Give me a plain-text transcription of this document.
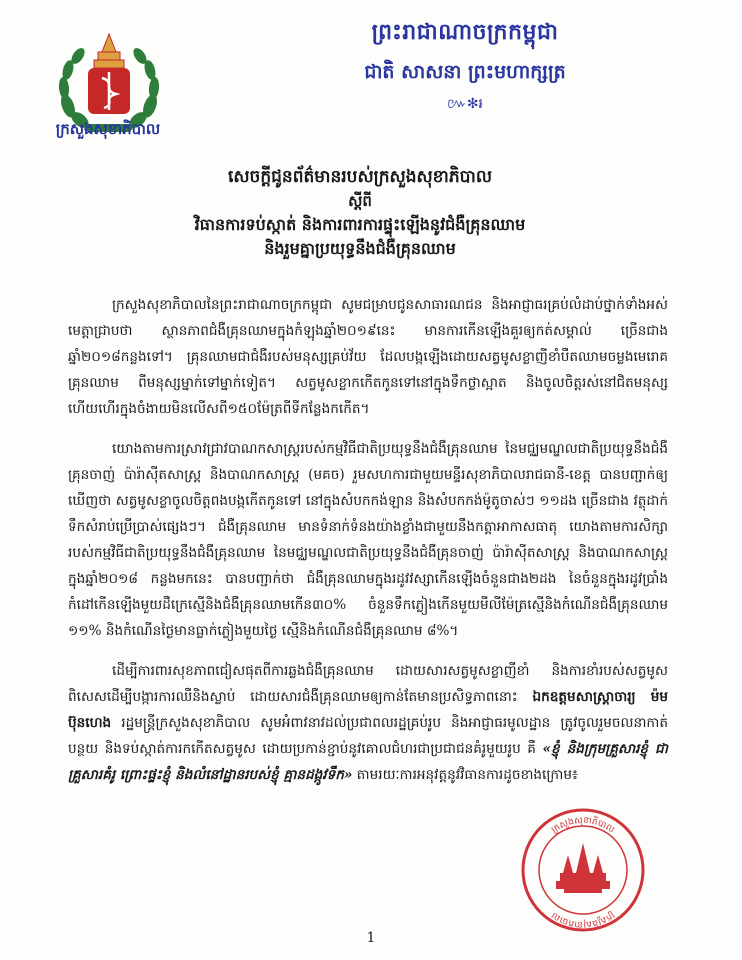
ក្រសួងសុខាភិបាល
ព្រះរាជាណាចក្រកម្ពុជា
ជាតិ សាសនា ព្រះមហាក្សត្រ
៚✻៛
សេចក្តីជូនព័ត៌មានរបស់ក្រសួងសុខាភិបាល
ស្តីពី
វិធានការទប់ស្កាត់ និងការពារការផ្ទុះឡើងនូវជំងឺគ្រុនឈាម
និងរួមគ្នាប្រយុទ្ធនឹងជំងឺគ្រុនឈាម

ក្រសួងសុខាភិបាលនៃព្រះរាជាណាចក្រកម្ពុជា សូមជម្រាបជូនសាធារណជន និងអាជ្ញាធរគ្រប់លំដាប់ថ្នាក់ទាំងអស់មេត្តាជ្រាបថា ស្ថានភាពជំងឺគ្រុនឈាមក្នុងកំឡុងឆ្នាំ២០១៩នេះ មានការកើនឡើងគួរឲ្យកត់សម្គាល់ ច្រើនជាងឆ្នាំ២០១៨កន្លងទៅ។ គ្រុនឈាមជាជំងឺរបស់មនុស្សគ្រប់វ័យ ដែលបង្កឡើងដោយសត្វមូសខ្លាញីខាំបឺតឈាមចម្លងមេរោគគ្រុនឈាម ពីមនុស្សម្នាក់ទៅម្នាក់ទៀត។ សត្វមូសខ្លាកកើតកូនទៅនៅក្នុងទឹកថ្លាស្អាត និងចូលចិត្តរស់នៅជិតមនុស្ស ហើយហើរក្នុងចំងាយមិនលើសពី១៥០ម៉ែត្រពីទីកន្លែងកកើត។

យោងតាមការស្រាវជ្រាវបាណកសាស្ត្ររបស់កម្មវិធីជាតិប្រយុទ្ធនឹងជំងឺគ្រុនឈាម នៃមជ្ឈមណ្ឌលជាតិប្រយុទ្ធនឹងជំងឺគ្រុនចាញ់ ប៉ារ៉ាស៊ីតសាស្ត្រ និងបាណកសាស្ត្រ (មគច) រួមសហការជាមួយមន្ទីរសុខាភិបាលរាជធានី-ខេត្ត បានបញ្ជាក់ឲ្យឃើញថា សត្វមូសខ្លាចូលចិត្តពងបង្កកើតកូនទៅ នៅក្នុងសំបកកង់ឡាន និងសំបកកង់ម៉ូតូចាស់ៗ ១១ដង ច្រើនជាង វត្ថុដាក់ទឹកសំរាប់ប្រើប្រាស់ផ្សេងៗ។ ជំងឺគ្រុនឈាម មានទំនាក់ទំនងយ៉ាងខ្លាំងជាមួយនឹងកត្តាអាកាសធាតុ យោងតាមការសិក្សារបស់កម្មវិធីជាតិប្រយុទ្ធនឹងជំងឺគ្រុនឈាម នៃមជ្ឈមណ្ឌលជាតិប្រយុទ្ធនឹងជំងឺគ្រុនចាញ់ ប៉ារ៉ាស៊ីតសាស្ត្រ និងបាណកសាស្ត្រក្នុងឆ្នាំ២០១៨ កន្លងមកនេះ បានបញ្ជាក់ថា ជំងឺគ្រុនឈាមក្នុងរដូវវស្សាកើនឡើងចំនួនជាង២ដង នៃចំនួនក្នុងរដូវប្រាំងកំដៅកើនឡើងមួយដឺក្រេស្មើនិងជំងឺគ្រុនឈាមកើន៣០% ចំនួនទឹកភ្លៀងកើនមួយមីលីម៉ែត្រស្មើនិងកំណើនជំងឺគ្រុនឈាម ១១% និងកំណើនថ្ងៃមានធ្លាក់ភ្លៀងមួយថ្ងៃ ស្មើនិងកំណើនជំងឺគ្រុនឈាម ៨%។

ដើម្បីការពារសុខភាពជៀសផុតពីការឆ្លងជំងឺគ្រុនឈាម ដោយសារសត្វមូសខ្លាញីខាំ និងការខាំរបស់សត្វមូស ពិសេសដើម្បីបង្ការការឈឺនិងស្លាប់ ដោយសារជំងឺគ្រុនឈាមឲ្យកាន់តែមានប្រសិទ្ធភាពនោះ ឯកឧត្តមសាស្ត្រាចារ្យ ម៉ម ប៊ុនហេង រដ្ឋមន្ត្រីក្រសួងសុខាភិបាល សូមអំពាវនាវដល់ប្រជាពលរដ្ឋគ្រប់រូប និងអាជ្ញាធរមូលដ្ឋាន ត្រូវចូលរួមចលនាកាត់បន្ថយ និងទប់ស្កាត់ការកកើតសត្វមូស ដោយប្រកាន់ខ្ជាប់នូវគោលជំហរជាប្រជាជនគំរូមួយរូប គឺ «ខ្ញុំ និងក្រុមគ្រួសារខ្ញុំ ជាគ្រួសារគំរូ ព្រោះផ្ទះខ្ញុំ និងលំនៅដ្ឋានរបស់ខ្ញុំ គ្មានដង្កូវទឹក» តាមរយៈការអនុវត្តនូវវិធានការដូចខាងក្រោម៖

ក្រសួងសុខាភិបាល
ក្រសួងសុខាភិបាល
1
